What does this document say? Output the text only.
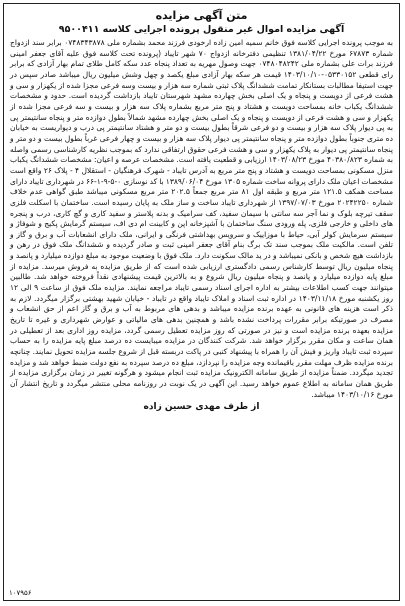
متن آگهی مزایده
آگهی مزایده اموال غیر منقول پرونده اجرایی کلاسه ۹۵۰۰۴۱۱
به موجب پرونده اجرایی کلاسه فوق خانم سمیه امین زاده ارخودی فرزند محمد بشماره ملی ۰۷۴۸۳۴۳۸۷۸ برابر سند ازدواج شماره ۶۷۸۷۳ مورخ ۱۳۸۱/۰۴/۲۲ تنظیمی دفترخانه ازدواج ۷۰ شهر تایباد (پرونده تحت کلاسه فوق علیه آقای جعفر امینی فرزند برات علی بشماره ملی ۰۷۴۸۰۴۸۲۴۲ جهت وصول مهریه به تعداد پنجاه عدد سکه کامل طلای تمام بهار آزادی که برابر رای قطعی ۰۵۳۳۰۱۵۲-۱۴۰۳/۱۰/۱۰ قیمت هر سکه بهار آزادی مبلغ یکصد و چهل وشش میلیون ریال میباشد صادر سپس در جهت استیفا مطالبات بستانکار تمامت ششدانگ پلاک ثبتی شماره سه هزار و بیست وسه فرعی مجزا شده از یکهزار و سی و هشت فرعی از دویست و پنجاه و یک اصلی بخش چهارده مشهد شهرستان تایباد بازداشت گردیده است. حدود و مشخصات ششدانگ یکباب خانه بمساحت دویست و هشتاد و پنج متر مربع بشماره پلاک سه هزار و بیست و سه فرعی مجزا شده از یکهزار و سی و هشت فرعی از دویست و پنجاه و یک اصلی بخش چهارده مشهد شمالاً بطول دوازده متر و پنجاه سانتیمتر پی به پی دیوار پلاک سه هزار و بیست و دو فرعی شرقاً بطول بیست و دو متر و هشتاد سانتیمتر پی درب و دیواریست به خیابان ده متری جنوباً بطول دوازده متر و پنجاه سانتیمتر پی دیوار پلاک سه هزار و بیست و چهار فرعی غرباً بطول بیست و دو متر و پنجاه سانتیمتر پی دیوار به پلاک یکهزار و سی و هشت فرعی حقوق ارتفاقی ندارد که بموجب نظریه کارشناسی رسمی واصله به شماره ۴۰۳۸۰/۸۲۳ مورخ ۱۴۰۳/۰۸/۲۳ ارزیابی و قطعیت یافته است. مشخصات عرصه و اعیان: مشخصات ششدانگ یکباب منزل مسکونی بمساحت دویست و هشتاد و پنج متر مربع به آدرس تایباد - شهرک فرهنگیان - استقلال ۴ - پلاک ۲۶ واقع است مشخصات اعیان ملک دارای پروانه ساخت شماره ۱۳۰۵ مورخ ۱۳۸۹/۰۶/۰۴ با کد نوسازی ۰-۵-۹-۱-۶۶ در شهرداری تایباد دارای مساحت همکف ۱۲۱.۵ متر مربع و طبقه اول ۸۱ متر مربع جمعاً ۲۰۲.۵ متر مربع مسکونی میباشد طبق گواهی عدم خلاف شماره ۲۰۲۴۲۲۵۰ مورخ ۱۳۹۷/۰۷/۰۳ از شهرداری تایباد ساخت و ساز ملک به پایان رسیده است. ساختمان با اسکلت فلزی سقف تیرچه بلوک و نما آجر سه سانتی با سیمان سفید، کف سرامیک و بدنه پلاستر و سفید کاری و گچ کاری، درب و پنجره های داخلی و خارجی فلزی، پله ورودی سنگ ساختمان با آشپزخانه اپن و کابینت ام دی اف، سیستم گرمایش پکیج و شوفاژ و سیستم سرمایش کولر آبی، حیاط با موزاییک و سرویس بهداشتی فرنگی و ایرانی، ملک دارای انشعابات آب و برق و گاز و تلفن است. مالکیت ملک بموجب سند تک برگ بنام آقای جعفر امینی ثبت و صادر گردیده و ششدانگ ملک فوق در رهن و بازداشت هیچ شخص و بانکی نمیباشد و در ید مالک سکونت دارد. ملک فوق با وضعیت موجود به مبلغ دوازده میلیارد و پانصد و پنجاه میلیون ریال توسط کارشناس رسمی دادگستری ارزیابی شده است که از طریق مزایده به فروش میرسد. مزایده از مبلغ پایه دوازده میلیارد و پانصد و پنجاه میلیون ریال شروع و به بالاترین قیمت پیشنهادی نقداً فروخته خواهد شد. طالبین میتوانند جهت کسب اطلاعات بیشتر به اداره اجرای اسناد رسمی تایباد مراجعه نمایند. مزایده ملک فوق از ساعت ۹ الی ۱۲ روز یکشنبه مورخ ۱۴۰۳/۱۱/۱۸ در اداره ثبت اسناد و املاک تایباد واقع در تایباد - خیابان شهید بهشتی برگزار میگردد. لازم به ذکر است هزینه های قانونی به عهده برنده مزایده میباشد و بدهی های مربوط به آب و برق و گاز اعم از حق انشعاب و مصرف در صورتیکه برابر مقررات پرداخت نشده باشد و همچنین بدهی های مالیاتی و عوارض شهرداری و غیره تا تاریخ مزایده بعهده برنده مزایده است و نیز در صورتی که روز مزایده تعطیل رسمی گردد، مزایده روز اداری بعد از تعطیلی در همان ساعت و مکان مقرر برگزار خواهد شد. شرکت کنندگان در مزایده میبایست ده درصد مبلغ پایه مزایده را به حساب سپرده ثبت تایباد واریز و فیش آن را همراه با پیشنهاد کتبی در پاکت دربسته قبل از شروع جلسه مزایده تحویل نمایند. چنانچه برنده مزایده ظرف مهلت مقرر باقیمانده وجه مزایده را نپردازد، مبلغ ده درصد سپرده به نفع دولت ضبط خواهد شد و مزایده تجدید میگردد. ضمناً مزایده از طریق سامانه الکترونیک مزایده ثبت انجام میشود و هرگونه تغییر در زمان برگزاری مزایده از طریق همان سامانه به اطلاع عموم خواهد رسید. این آگهی در یک نوبت در روزنامه محلی منتشر میگردد و تاریخ انتشار آن مورخ ۱۴۰۳/۱۰/۱۶ میباشد.
از طرف مهدی حسین زاده
۱۰۷۹۵۶
